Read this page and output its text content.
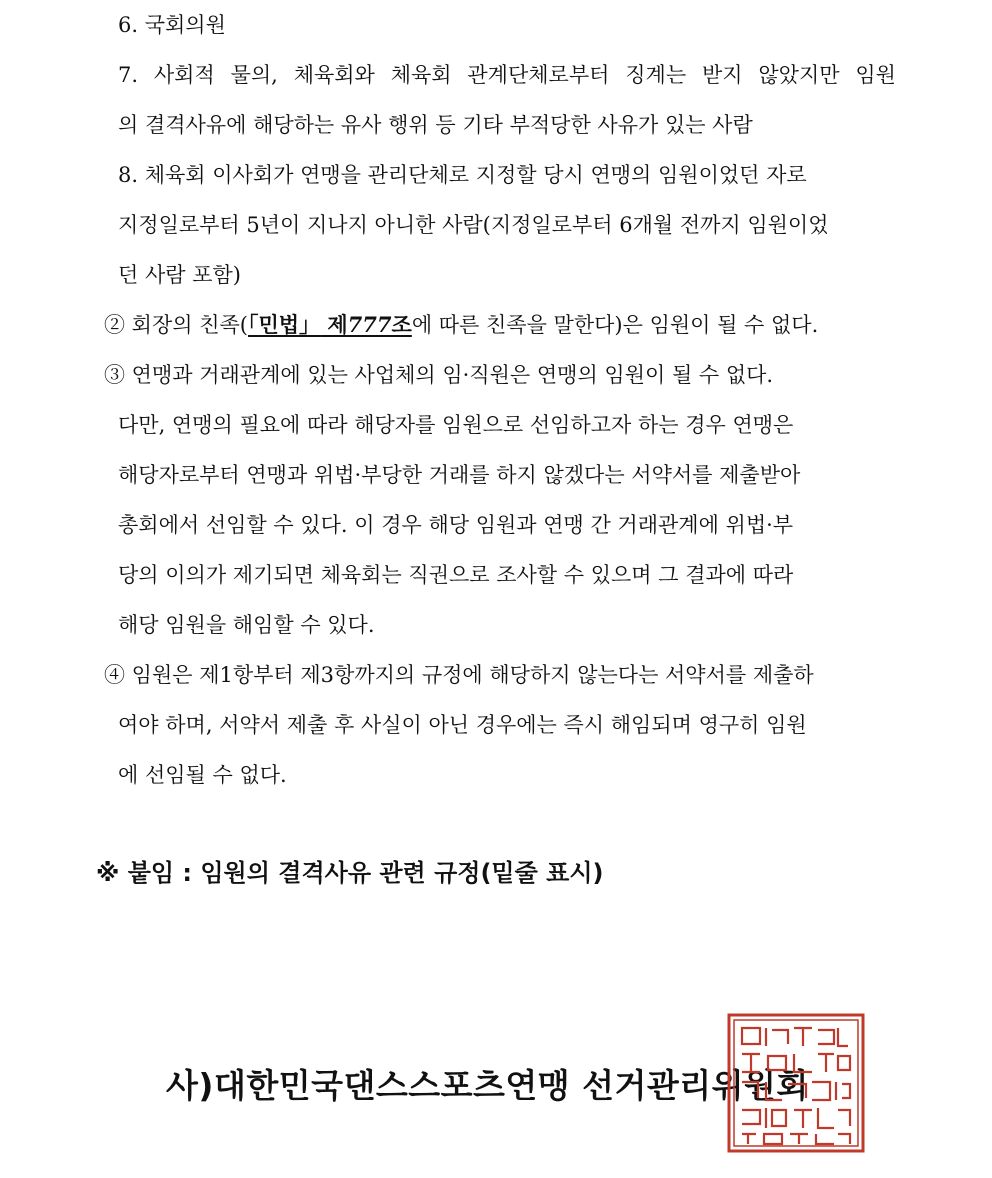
6. 국회의원
7. 사회적 물의, 체육회와 체육회 관계단체로부터 징계는 받지 않았지만 임원
의 결격사유에 해당하는 유사 행위 등 기타 부적당한 사유가 있는 사람
8. 체육회 이사회가 연맹을 관리단체로 지정할 당시 연맹의 임원이었던 자로
지정일로부터 5년이 지나지 아니한 사람(지정일로부터 6개월 전까지 임원이었
던 사람 포함)
② 회장의 친족(「민법」 제777조에 따른 친족을 말한다)은 임원이 될 수 없다.
③ 연맹과 거래관계에 있는 사업체의 임·직원은 연맹의 임원이 될 수 없다.
다만, 연맹의 필요에 따라 해당자를 임원으로 선임하고자 하는 경우 연맹은
해당자로부터 연맹과 위법·부당한 거래를 하지 않겠다는 서약서를 제출받아
총회에서 선임할 수 있다. 이 경우 해당 임원과 연맹 간 거래관계에 위법·부
당의 이의가 제기되면 체육회는 직권으로 조사할 수 있으며 그 결과에 따라
해당 임원을 해임할 수 있다.
④ 임원은 제1항부터 제3항까지의 규정에 해당하지 않는다는 서약서를 제출하
여야 하며, 서약서 제출 후 사실이 아닌 경우에는 즉시 해임되며 영구히 임원
에 선임될 수 없다.
※ 붙임 : 임원의 결격사유 관련 규정(밑줄 표시)
사)대한민국댄스스포츠연맹 선거관리위원회
